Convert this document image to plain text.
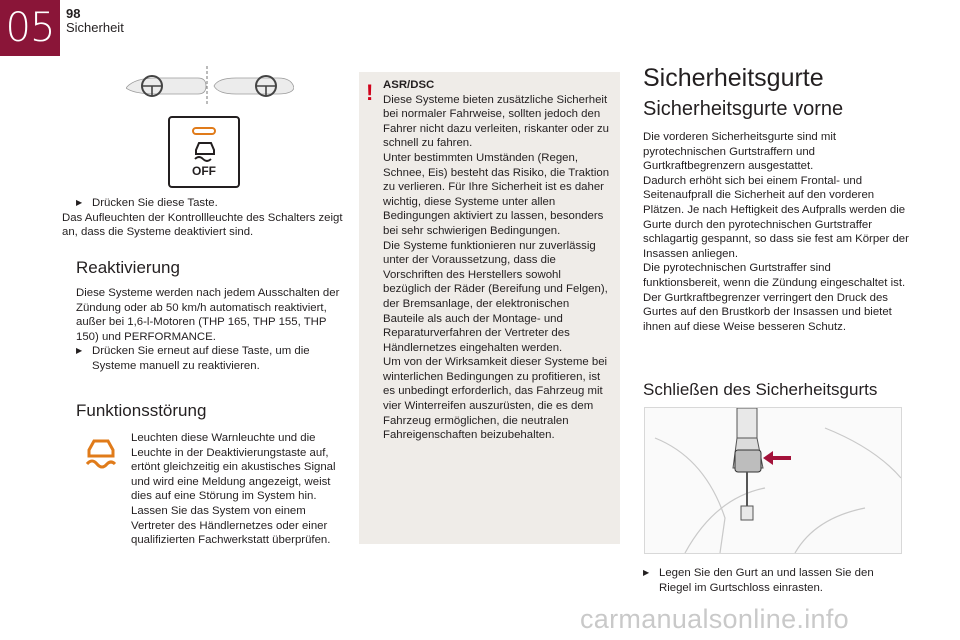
05 98
Sicherheit
OFF
▶ Drücken Sie diese Taste.
Das Aufleuchten der Kontrollleuchte des Schalters zeigt an, dass die Systeme deaktiviert sind.
Reaktivierung
Diese Systeme werden nach jedem Ausschalten der Zündung oder ab 50 km/h automatisch reaktiviert, außer bei 1,6-l-Motoren (THP 165, THP 155, THP 150) und PERFORMANCE.
▶ Drücken Sie erneut auf diese Taste, um die Systeme manuell zu reaktivieren.
Funktionsstörung
Leuchten diese Warnleuchte und die Leuchte in der Deaktivierungstaste auf, ertönt gleichzeitig ein akustisches Signal und wird eine Meldung angezeigt, weist dies auf eine Störung im System hin.
Lassen Sie das System von einem Vertreter des Händlernetzes oder einer qualifizierten Fachwerkstatt überprüfen.
! ASR/DSC
Diese Systeme bieten zusätzliche Sicherheit bei normaler Fahrweise, sollten jedoch den Fahrer nicht dazu verleiten, riskanter oder zu schnell zu fahren.
Unter bestimmten Umständen (Regen, Schnee, Eis) besteht das Risiko, die Traktion zu verlieren. Für Ihre Sicherheit ist es daher wichtig, diese Systeme unter allen Bedingungen aktiviert zu lassen, besonders bei sehr schwierigen Bedingungen.
Die Systeme funktionieren nur zuverlässig unter der Voraussetzung, dass die Vorschriften des Herstellers sowohl bezüglich der Räder (Bereifung und Felgen), der Bremsanlage, der elektronischen Bauteile als auch der Montage- und Reparaturverfahren der Vertreter des Händlernetzes eingehalten werden.
Um von der Wirksamkeit dieser Systeme bei winterlichen Bedingungen zu profitieren, ist es unbedingt erforderlich, das Fahrzeug mit vier Winterreifen auszurüsten, die es dem Fahrzeug ermöglichen, die neutralen Fahreigenschaften beizubehalten.
Sicherheitsgurte
Sicherheitsgurte vorne
Die vorderen Sicherheitsgurte sind mit pyrotechnischen Gurtstraffern und Gurtkraftbegrenzern ausgestattet.
Dadurch erhöht sich bei einem Frontal- und Seitenaufprall die Sicherheit auf den vorderen Plätzen. Je nach Heftigkeit des Aufpralls werden die Gurte durch den pyrotechnischen Gurtstraffer schlagartig gespannt, so dass sie fest am Körper der Insassen anliegen.
Die pyrotechnischen Gurtstraffer sind funktionsbereit, wenn die Zündung eingeschaltet ist.
Der Gurtkraftbegrenzer verringert den Druck des Gurtes auf den Brustkorb der Insassen und bietet ihnen auf diese Weise besseren Schutz.
Schließen des Sicherheitsgurts
▶ Legen Sie den Gurt an und lassen Sie den Riegel im Gurtschloss einrasten.
carmanualsonline.info
